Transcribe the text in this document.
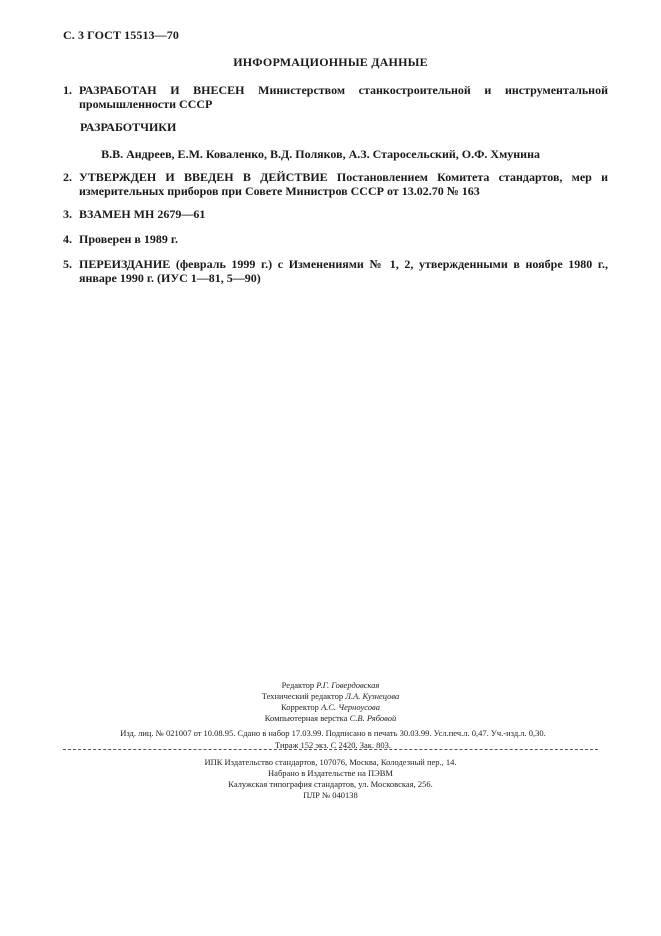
С. 3 ГОСТ 15513—70
ИНФОРМАЦИОННЫЕ ДАННЫЕ
1. РАЗРАБОТАН И ВНЕСЕН Министерством станкостроительной и инструментальной промышленности СССР
РАЗРАБОТЧИКИ
В.В. Андреев, Е.М. Коваленко, В.Д. Поляков, А.З. Старосельский, О.Ф. Хмунина
2. УТВЕРЖДЕН И ВВЕДЕН В ДЕЙСТВИЕ Постановлением Комитета стандартов, мер и измерительных приборов при Совете Министров СССР от 13.02.70 № 163
3. ВЗАМЕН МН 2679—61
4. Проверен в 1989 г.
5. ПЕРЕИЗДАНИЕ (февраль 1999 г.) с Изменениями № 1, 2, утвержденными в ноябре 1980 г., январе 1990 г. (ИУС 1—81, 5—90)
Редактор Р.Г. Говердовская
Технический редактор Л.А. Кузнецова
Корректор А.С. Черноусова
Компьютерная верстка С.В. Рябовой
Изд. лиц. № 021007 от 10.08.95. Сдано в набор 17.03.99. Подписано в печать 30.03.99. Усл.печ.л. 0,47. Уч.-изд.л. 0,30.
Тираж 152 экз. С 2420. Зак. 803.
ИПК Издательство стандартов, 107076, Москва, Колодезный пер., 14.
Набрано в Издательстве на ПЭВМ
Калужская типография стандартов, ул. Московская, 256.
ПЛР № 040138
